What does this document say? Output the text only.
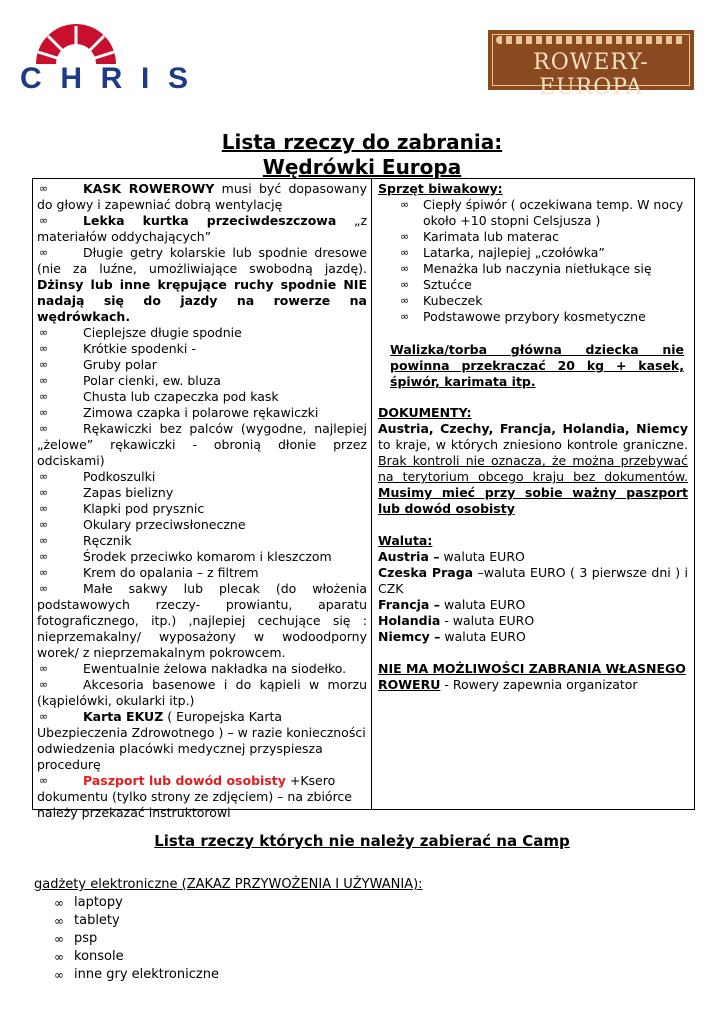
CHRIS	ROWERY-EUROPA
Lista rzeczy do zabrania:
Wędrówki Europa
∞	KASK ROWEROWY musi być dopasowany do głowy i zapewniać dobrą wentylację
∞	Lekka kurtka przeciwdeszczowa „z materiałów oddychających”
∞	Długie getry kolarskie lub spodnie dresowe (nie za luźne, umożliwiające swobodną jazdę). Dżinsy lub inne krępujące ruchy spodnie NIE nadają się do jazdy na rowerze na wędrówkach.
∞	Cieplejsze długie spodnie
∞	Krótkie spodenki -
∞	Gruby polar
∞	Polar cienki, ew. bluza
∞	Chusta lub czapeczka pod kask
∞	Zimowa czapka i polarowe rękawiczki
∞	Rękawiczki bez palców (wygodne, najlepiej „żelowe” rękawiczki - obronią dłonie przez odciskami)
∞	Podkoszulki
∞	Zapas bielizny
∞	Klapki pod prysznic
∞	Okulary przeciwsłoneczne
∞	Ręcznik
∞	Środek przeciwko komarom i kleszczom
∞	Krem do opalania – z filtrem
∞	Małe sakwy lub plecak (do włożenia podstawowych rzeczy- prowiantu, aparatu fotograficznego, itp.) ,najlepiej cechujące się : nieprzemakalny/ wyposażony w wodoodporny worek/ z nieprzemakalnym pokrowcem.
∞	Ewentualnie żelowa nakładka na siodełko.
∞	Akcesoria basenowe i do kąpieli w morzu (kąpielówki, okularki itp.)
∞	Karta EKUZ ( Europejska Karta Ubezpieczenia Zdrowotnego ) – w razie konieczności odwiedzenia placówki medycznej przyspiesza procedurę
∞	Paszport lub dowód osobisty +Ksero dokumentu (tylko strony ze zdjęciem) – na zbiórce należy przekazać instruktorowi
Sprzęt biwakowy:
∞ Ciepły śpiwór ( oczekiwana temp. W nocy około +10 stopni Celsjusza )
∞ Karimata lub materac
∞ Latarka, najlepiej „czołówka”
∞ Menażka lub naczynia nietłukące się
∞ Sztućce
∞ Kubeczek
∞ Podstawowe przybory kosmetyczne
Walizka/torba główna dziecka nie powinna przekraczać 20 kg + kasek, śpiwór, karimata itp.
DOKUMENTY:
Austria, Czechy, Francja, Holandia, Niemcy to kraje, w których zniesiono kontrole graniczne. Brak kontroli nie oznacza, że można przebywać na terytorium obcego kraju bez dokumentów. Musimy mieć przy sobie ważny paszport lub dowód osobisty
Waluta:
Austria – waluta EURO
Czeska Praga –waluta EURO ( 3 pierwsze dni ) i CZK
Francja – waluta EURO
Holandia - waluta EURO
Niemcy – waluta EURO
NIE MA MOŻLIWOŚCI ZABRANIA WŁASNEGO ROWERU - Rowery zapewnia organizator
Lista rzeczy których nie należy zabierać na Camp
gadżety elektroniczne (ZAKAZ PRZYWOŻENIA I UŻYWANIA):
∞ laptopy
∞ tablety
∞ psp
∞ konsole
∞ inne gry elektroniczne
